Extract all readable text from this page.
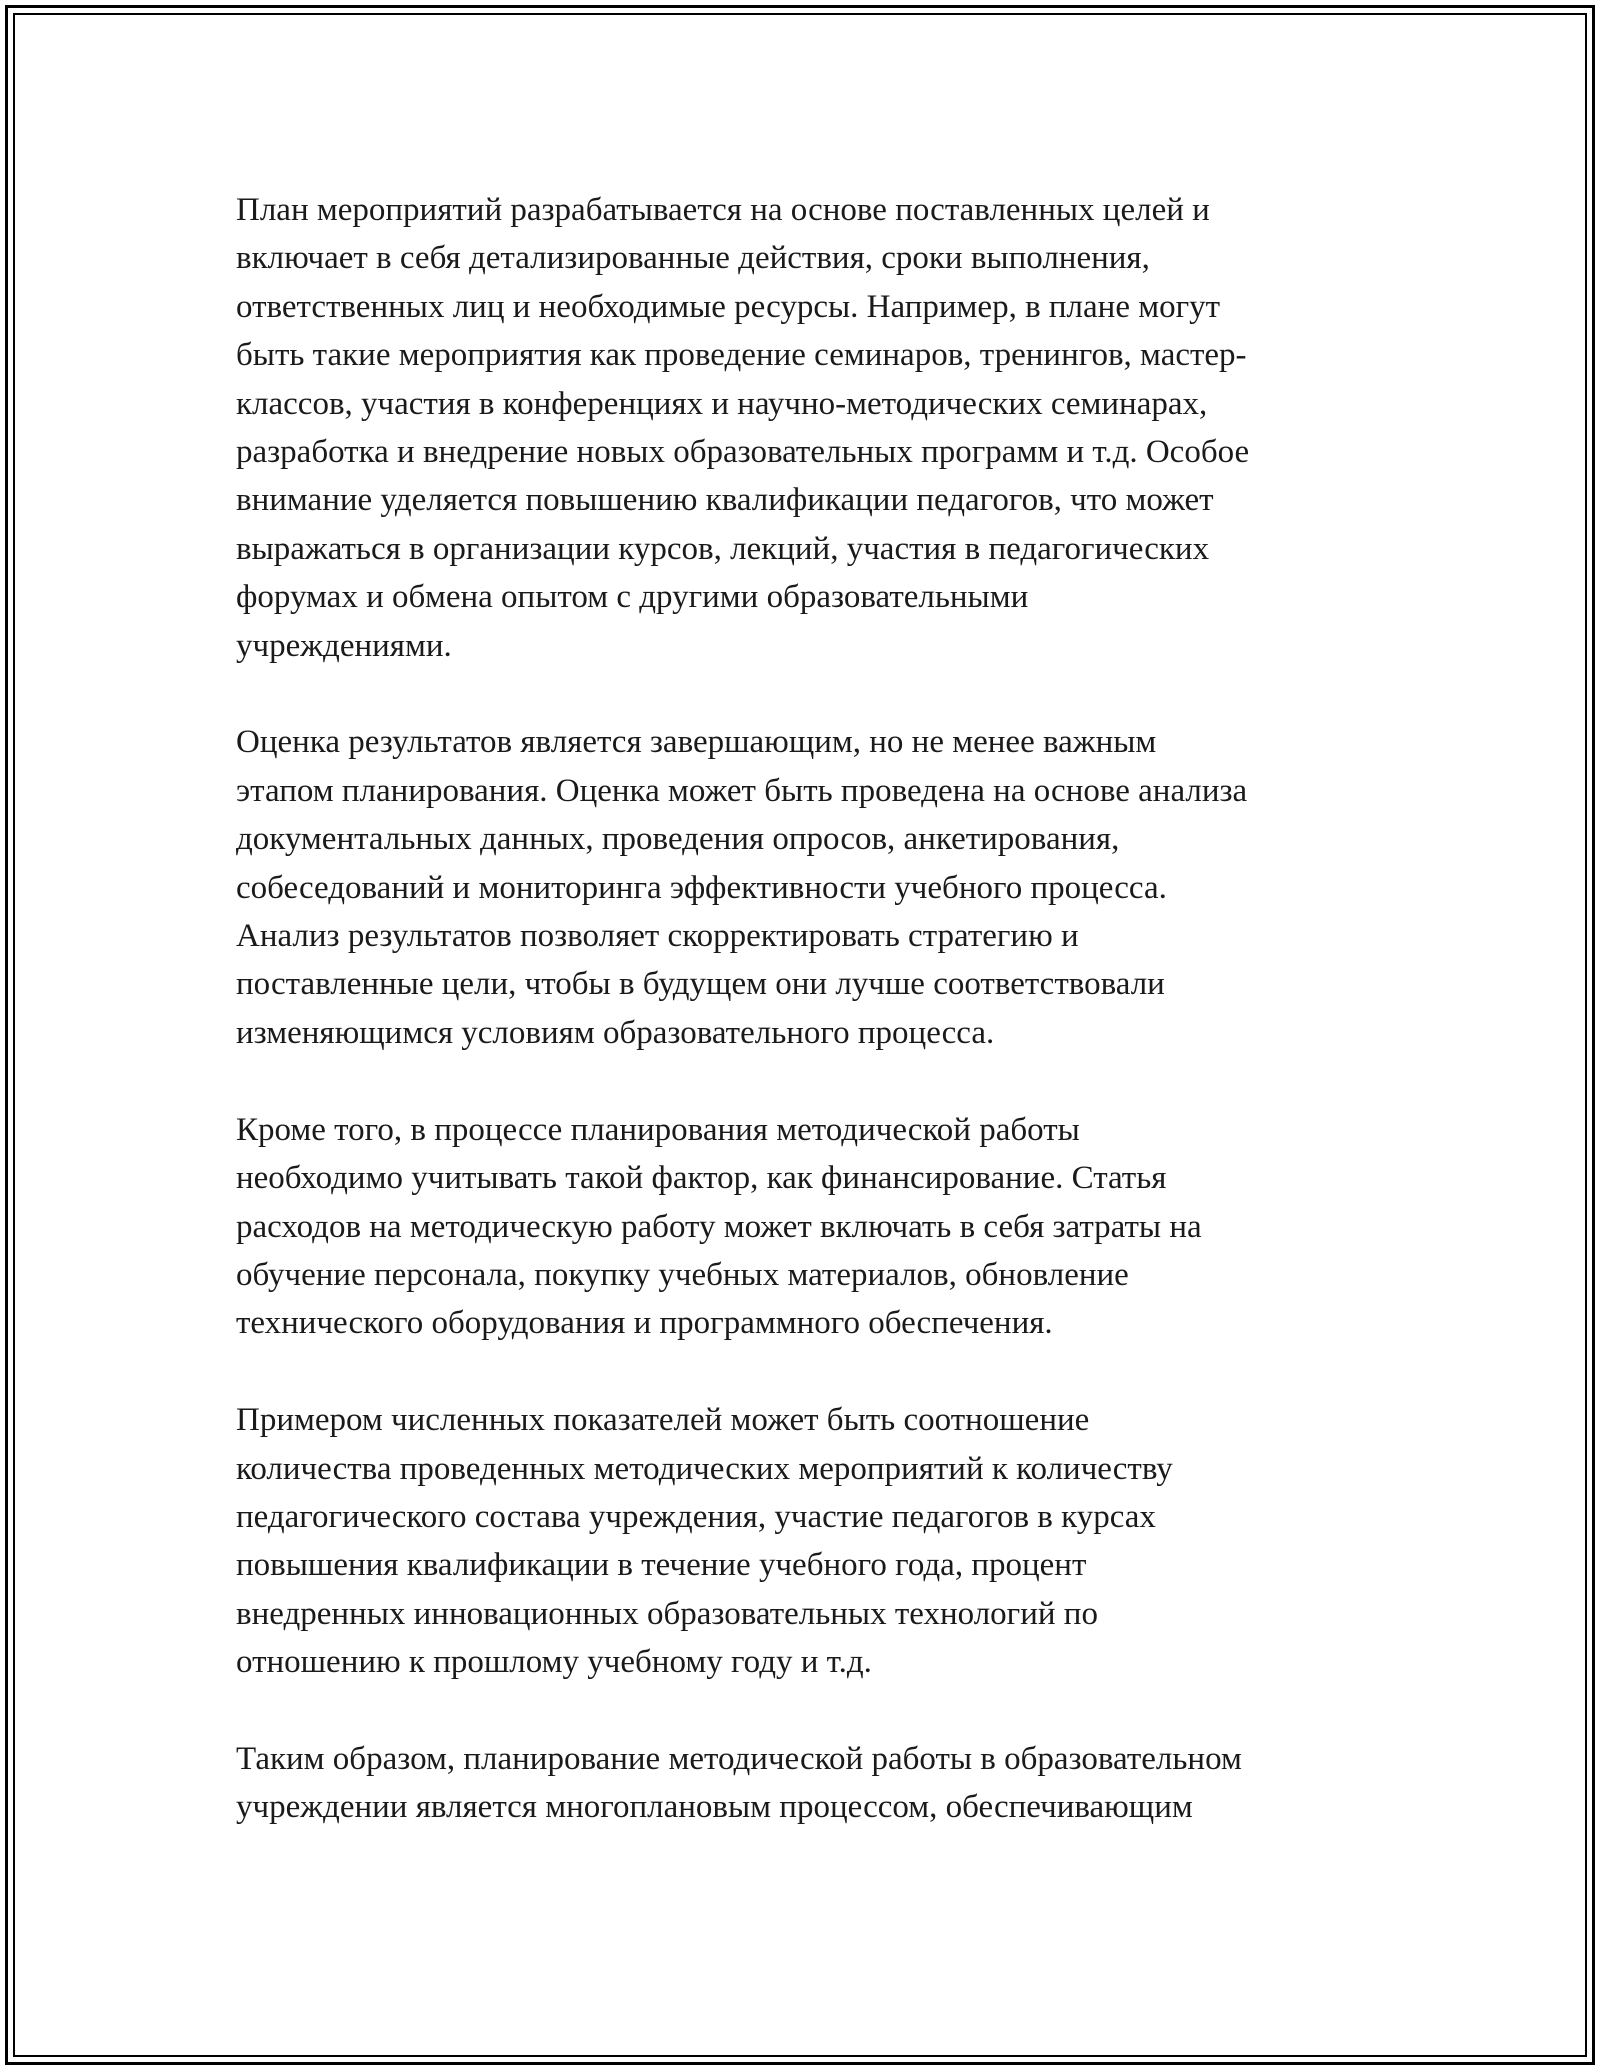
План мероприятий разрабатывается на основе поставленных целей и
включает в себя детализированные действия, сроки выполнения,
ответственных лиц и необходимые ресурсы. Например, в плане могут
быть такие мероприятия как проведение семинаров, тренингов, мастер-
классов, участия в конференциях и научно-методических семинарах,
разработка и внедрение новых образовательных программ и т.д. Особое
внимание уделяется повышению квалификации педагогов, что может
выражаться в организации курсов, лекций, участия в педагогических
форумах и обмена опытом с другими образовательными
учреждениями.

Оценка результатов является завершающим, но не менее важным
этапом планирования. Оценка может быть проведена на основе анализа
документальных данных, проведения опросов, анкетирования,
собеседований и мониторинга эффективности учебного процесса.
Анализ результатов позволяет скорректировать стратегию и
поставленные цели, чтобы в будущем они лучше соответствовали
изменяющимся условиям образовательного процесса.

Кроме того, в процессе планирования методической работы
необходимо учитывать такой фактор, как финансирование. Статья
расходов на методическую работу может включать в себя затраты на
обучение персонала, покупку учебных материалов, обновление
технического оборудования и программного обеспечения.

Примером численных показателей может быть соотношение
количества проведенных методических мероприятий к количеству
педагогического состава учреждения, участие педагогов в курсах
повышения квалификации в течение учебного года, процент
внедренных инновационных образовательных технологий по
отношению к прошлому учебному году и т.д.

Таким образом, планирование методической работы в образовательном
учреждении является многоплановым процессом, обеспечивающим
